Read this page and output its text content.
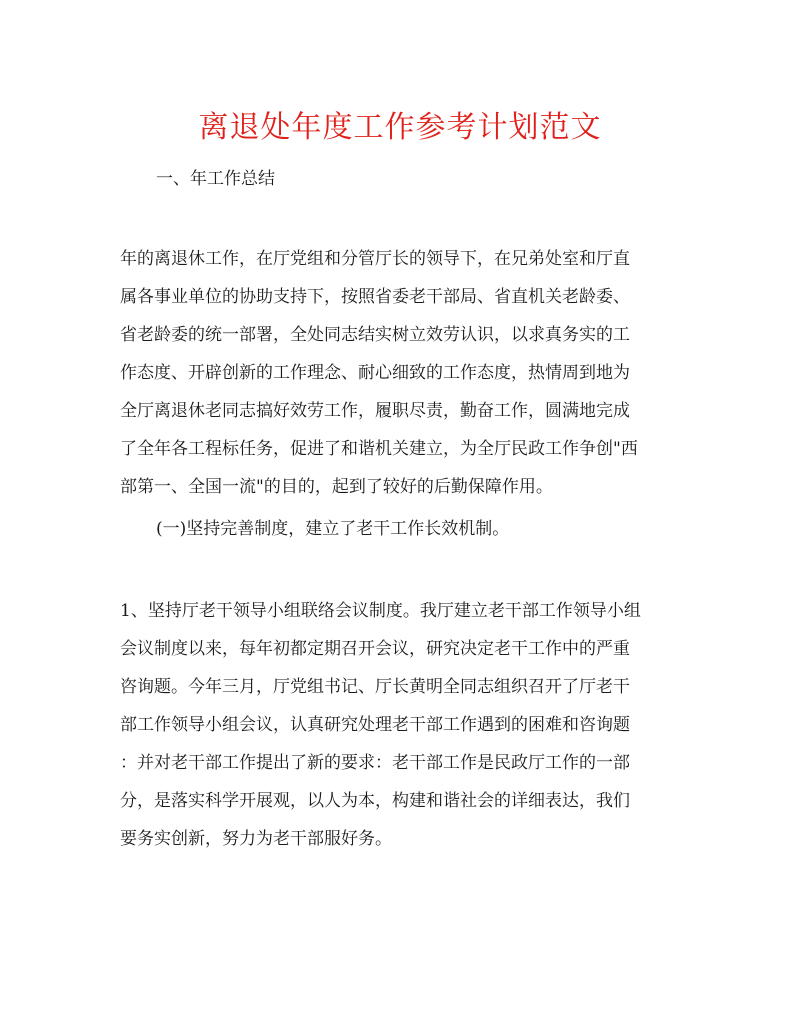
离退处年度工作参考计划范文

一、年工作总结

年的离退休工作，在厅党组和分管厅长的领导下，在兄弟处室和厅直

属各事业单位的协助支持下，按照省委老干部局、省直机关老龄委、

省老龄委的统一部署，全处同志结实树立效劳认识，以求真务实的工

作态度、开辟创新的工作理念、耐心细致的工作态度，热情周到地为

全厅离退休老同志搞好效劳工作，履职尽责，勤奋工作，圆满地完成

了全年各工程标任务，促进了和谐机关建立，为全厅民政工作争创"西

部第一、全国一流"的目的，起到了较好的后勤保障作用。

(一)坚持完善制度，建立了老干工作长效机制。

1、坚持厅老干领导小组联络会议制度。我厅建立老干部工作领导小组

会议制度以来，每年初都定期召开会议，研究决定老干工作中的严重

咨询题。今年三月，厅党组书记、厅长黄明全同志组织召开了厅老干

部工作领导小组会议，认真研究处理老干部工作遇到的困难和咨询题

：并对老干部工作提出了新的要求：老干部工作是民政厅工作的一部

分，是落实科学开展观，以人为本，构建和谐社会的详细表达，我们

要务实创新，努力为老干部服好务。
